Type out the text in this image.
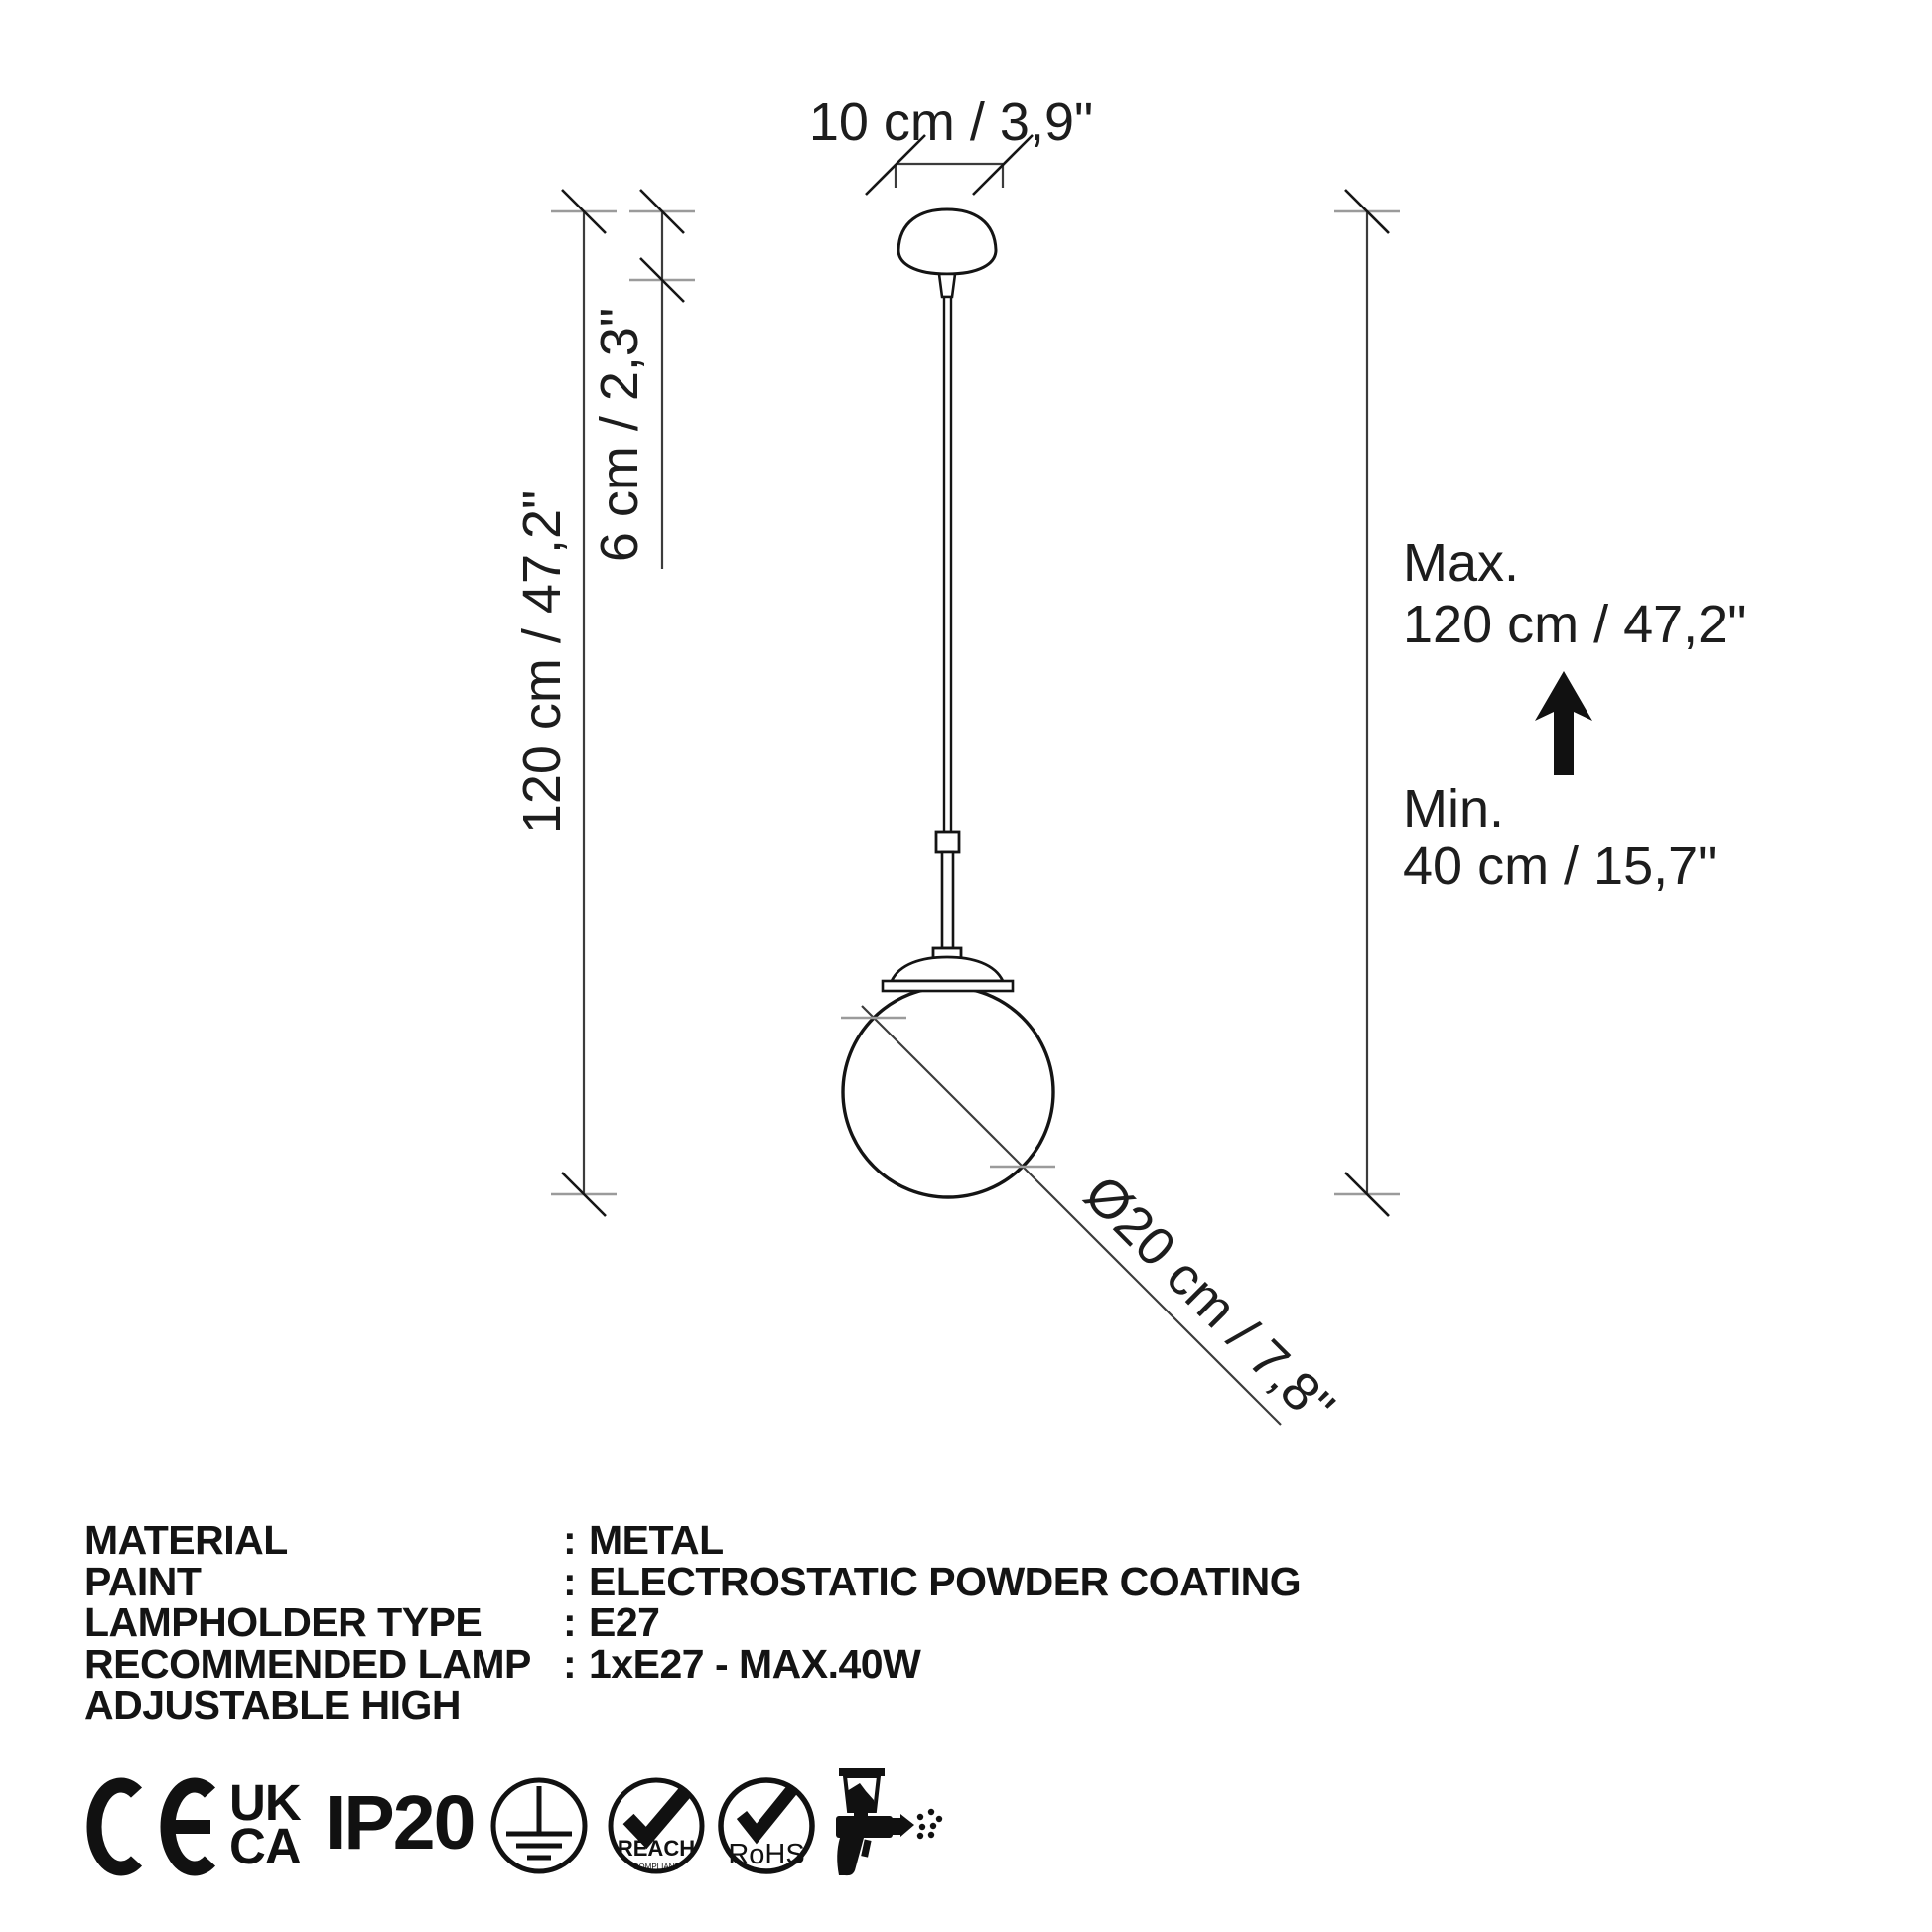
REACH
COMPLIANT RoHS
10 cm / 3,9"
120 cm / 47,2"
6 cm / 2,3"
Ø20 cm / 7,8"
Max.
120 cm / 47,2"
Min.
40 cm / 15,7"
MATERIAL	: METAL
PAINT	: ELECTROSTATIC POWDER COATING
LAMPHOLDER TYPE	: E27
RECOMMENDED LAMP : 1xE27 - MAX.40W
ADJUSTABLE HIGH
UK
CA IP20
